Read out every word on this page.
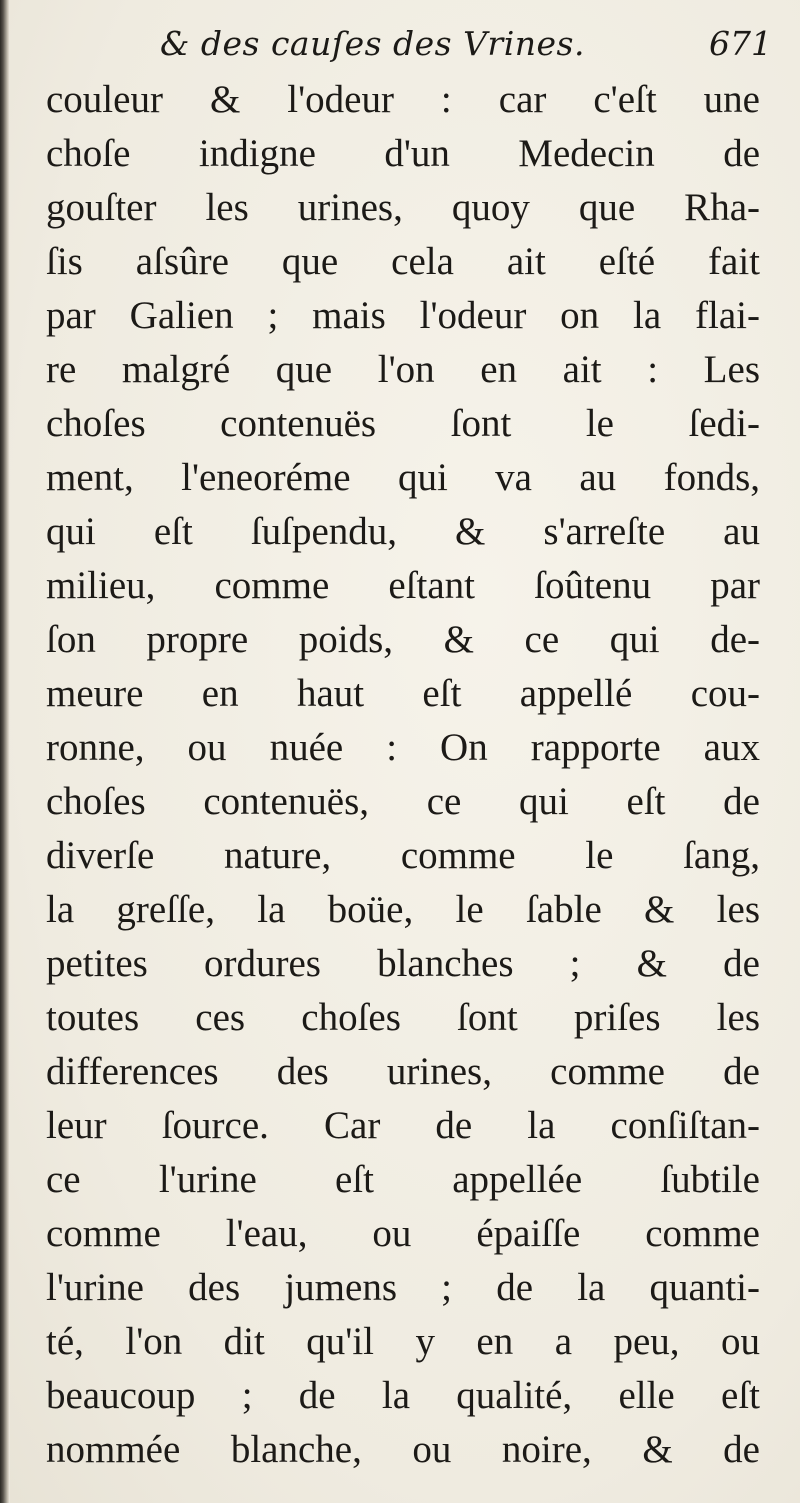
& des cauſes des Vrines.	671
couleur & l'odeur : car c'eſt une
choſe indigne d'un Medecin de
gouſter les urines, quoy que Rha-
ſis aſsûre que cela ait eſté fait
par Galien ; mais l'odeur on la flai-
re malgré que l'on en ait : Les
choſes contenuës ſont le ſedi-
ment, l'eneoréme qui va au fonds,
qui eſt ſuſpendu, & s'arreſte au
milieu, comme eſtant ſoûtenu par
ſon propre poids, & ce qui de-
meure en haut eſt appellé cou-
ronne, ou nuée : On rapporte aux
choſes contenuës, ce qui eſt de
diverſe nature, comme le ſang,
la greſſe, la boüe, le ſable & les
petites ordures blanches ; & de
toutes ces choſes ſont priſes les
differences des urines, comme de
leur ſource. Car de la conſiſtan-
ce l'urine eſt appellée ſubtile
comme l'eau, ou épaiſſe comme
l'urine des jumens ; de la quanti-
té, l'on dit qu'il y en a peu, ou
beaucoup ; de la qualité, elle eſt
nommée blanche, ou noire, & de
